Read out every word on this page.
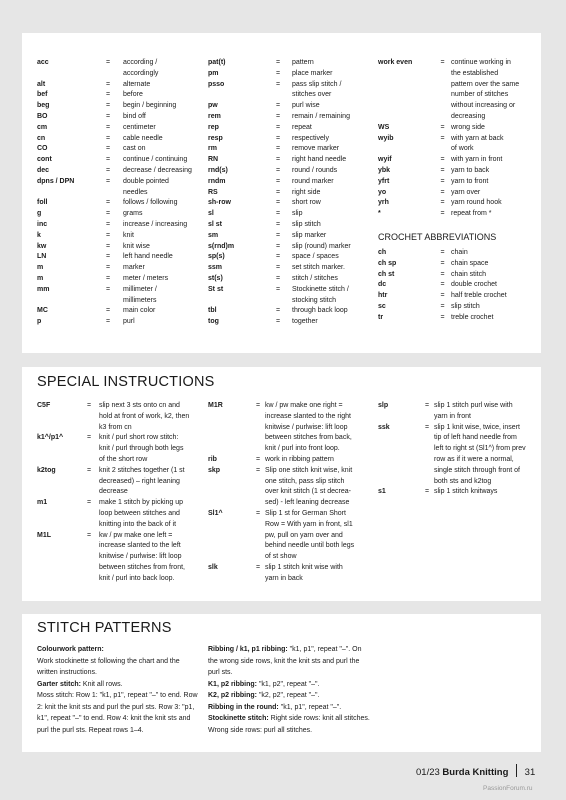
acc	=	according /
accordingly
alt	=	alternate
bef	=	before
beg	=	begin / beginning
BO	=	bind off
cm	=	centimeter
cn	=	cable needle
CO	=	cast on
cont	=	continue / continuing
dec	=	decrease / decreasing
dpns / DPN	=	double pointed
needles
foll	=	follows / following
g	=	grams
inc	=	increase / increasing
k	=	knit
kw	=	knit wise
LN	=	left hand needle
m	=	marker
m	=	meter / meters
mm	=	millimeter /
millimeters
MC	=	main color
p	=	purl
pat(t)	=	pattern
pm	=	place marker
psso	=	pass slip stitch /
stitches over
pw	=	purl wise
rem	=	remain / remaining
rep	=	repeat
resp	=	respectively
rm	=	remove marker
RN	=	right hand needle
rnd(s)	=	round / rounds
rndm	=	round marker
RS	=	right side
sh-row	=	short row
sl	=	slip
sl st	=	slip stitch
sm	=	slip marker
s(rnd)m	=	slip (round) marker
sp(s)	=	space / spaces
ssm	=	set stitch marker.
st(s)	=	stitch / stitches
St st	=	Stockinette stitch /
stocking stitch
tbl	=	through back loop
tog	=	together
work even	= continue working in
the established
pattern over the same
number of stitches
without increasing or
decreasing
WS	= wrong side
wyib	= with yarn at back
of work
wyif	= with yarn in front
ybk	= yarn to back
yfrt	= yarn to front
yo	= yarn over
yrh	= yarn round hook
*	= repeat from *
CROCHET ABBREVIATIONS
ch	= chain
ch sp	= chain space
ch st	= chain stitch
dc	= double crochet
htr	= half treble crochet
sc	= slip stitch
tr	= treble crochet
SPECIAL INSTRUCTIONS
C5F	=	slip next 3 sts onto cn and
hold at front of work, k2, then
k3 from cn
k1^/p1^	=	knit / purl short row stitch:
knit / purl through both legs
of the short row
k2tog	=	knit 2 stitches together (1 st
decreased) – right leaning
decrease
m1	=	make 1 stitch by picking up
loop between stitches and
knitting into the back of it
M1L	=	kw / pw make one left =
increase slanted to the left
knitwise / purlwise: lift loop
between stitches from front,
knit / purl into back loop.
M1R	= kw / pw make one right =
increase slanted to the right
knitwise / purlwise: lift loop
between stitches from back,
knit / purl into front loop.
rib	= work in ribbing pattern
skp	= Slip one stitch knit wise, knit
one stitch, pass slip stitch
over knit stitch (1 st decrea-
sed) - left leaning decrease
Sl1^	= Slip 1 st for German Short
Row = With yarn in front, sl1
pw, pull on yarn over and
behind needle until both legs
of st show
slk	= slip 1 stitch knit wise with
yarn in back
slp	= slip 1 stitch purl wise with
yarn in front
ssk	= slip 1 knit wise, twice, insert
tip of left hand needle from
left to right st (Sl1^) from prev
row as if it were a normal,
single stitch through front of
both sts and k2tog
s1	= slip 1 stitch knitways
STITCH PATTERNS
Colourwork pattern:
Work stockinette st following the chart and the written instructions.
Garter stitch: Knit all rows.
Moss stitch: Row 1: "k1, p1", repeat "–" to end. Row 2: knit the knit sts and purl the purl sts. Row 3: "p1, k1", repeat "–" to end. Row 4: knit the knit sts and purl the purl sts. Repeat rows 1–4.
Ribbing / k1, p1 ribbing: "k1, p1", repeat "–". On the wrong side rows, knit the knit sts and purl the purl sts.
K1, p2 ribbing: "k1, p2", repeat "–".
K2, p2 ribbing: "k2, p2", repeat "–".
Ribbing in the round: "k1, p1", repeat "–".
Stockinette stitch: Right side rows: knit all stitches. Wrong side rows: purl all stitches.
01/23 Burda Knitting 31
PassionForum.ru
